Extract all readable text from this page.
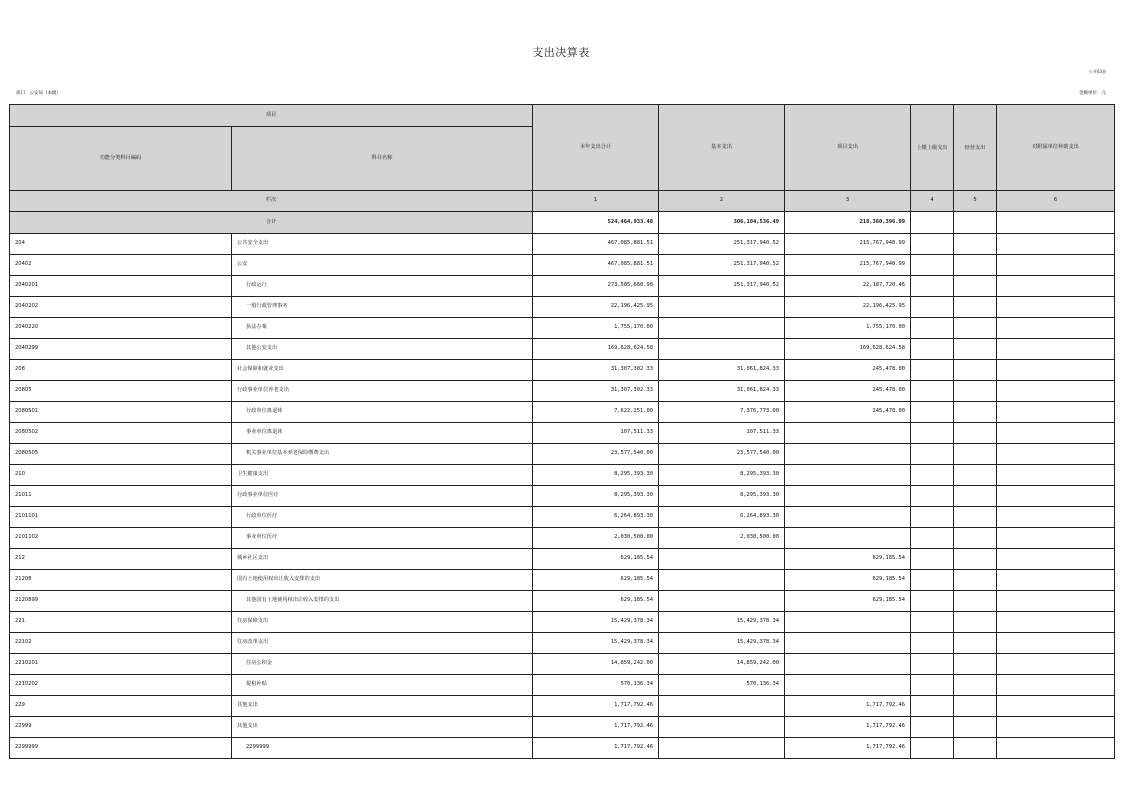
支出决算表
公开03表
部门：公安局（本级）	金额单位：元
项目		本年支出合计	基本支出	项目支出	上缴上级支出	经营支出	对附属单位补助支出
功能分类科目编码	科目名称						
栏次		1	2	3	4	5	6
合计		524,464,933.48	306,104,536.49	218,360,396.99			
204	公共安全支出	467,085,881.51	251,317,940.52	215,767,940.99			
20402	公安	467,085,881.51	251,317,940.52	215,767,940.99			
2040201	行政运行	273,505,660.98	251,317,940.52	22,187,720.46			
2040202	一般行政管理事务	22,196,425.95		22,196,425.95			
2040220	执法办案	1,755,170.00		1,755,170.00			
2040299	其他公安支出	169,628,624.58		169,628,624.58			
208	社会保障和就业支出	31,307,302.33	31,061,824.33	245,478.00			
20805	行政事业单位养老支出	31,307,302.33	31,061,824.33	245,478.00			
2080501	行政单位离退休	7,622,251.00	7,376,773.00	245,478.00			
2080502	事业单位离退休	107,511.33	107,511.33				
2080505	机关事业单位基本养老保险缴费支出	23,577,540.00	23,577,540.00				
210	卫生健康支出	8,295,393.30	8,295,393.30				
21011	行政事业单位医疗	8,295,393.30	8,295,393.30				
2101101	行政单位医疗	6,264,893.30	6,264,893.30				
2101102	事业单位医疗	2,030,500.00	2,030,500.00				
212	城乡社区支出	629,185.54		629,185.54			
21208	国有土地使用权出让收入安排的支出	629,185.54		629,185.54			
2120899	其他国有土地使用权出让收入安排的支出	629,185.54		629,185.54			
221	住房保障支出	15,429,378.34	15,429,378.34				
22102	住房改革支出	15,429,378.34	15,429,378.34				
2210201	住房公积金	14,859,242.00	14,859,242.00				
2210202	提租补贴	570,136.34	570,136.34				
229	其他支出	1,717,792.46		1,717,792.46			
22999	其他支出	1,717,792.46		1,717,792.46			
2299999	2299999	1,717,792.46		1,717,792.46			
